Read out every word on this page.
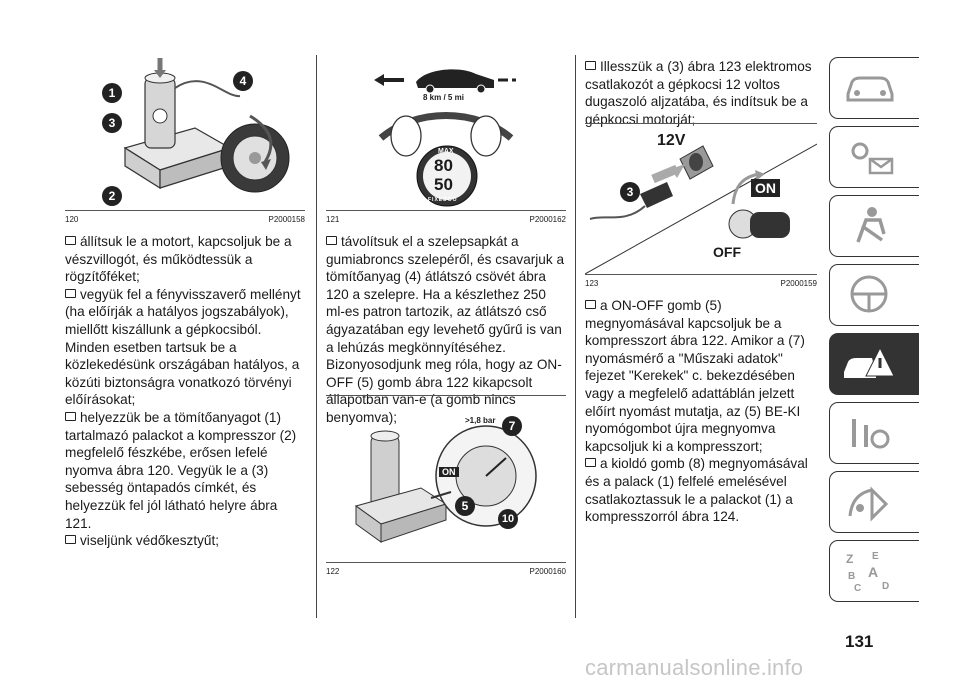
1
3
4
2
120	P2000158

állítsuk le a motort, kapcsoljuk be a vészvillogót, és működtessük a rögzítőféket;

vegyük fel a fényvisszaverő mellényt (ha előírják a hatályos jogszabályok), miellőtt kiszállunk a gépkocsiból.

Minden esetben tartsuk be a közlekedésünk országában hatályos, a közúti biztonságra vonatkozó törvényi előírásokat;

helyezzük be a tömítőanyagot (1) tartalmazó palackot a kompresszor (2) megfelelő fészkébe, erősen lefelé nyomva ábra 120. Vegyük le a (3) sebesség öntapadós címkét, és helyezzük fel jól látható helyre ábra 121.

viseljünk védőkesztyűt;

8 km / 5 mi
MAX
80
50
FIXEDOO
121	P2000162

távolítsuk el a szelepsapkát a gumiabroncs szelepéről, és csavarjuk a tömítőanyag (4) átlátszó csövét ábra 120 a szelepre. Ha a készlethez 250 ml-es patron tartozik, az átlátszó cső ágyazatában egy levehető gyűrű is van a lehúzás megkönnyítéséhez. Bizonyosodjunk meg róla, hogy az ON-OFF (5) gomb ábra 122 kikapcsolt állapotban van-e (a gomb nincs benyomva);	>1,8 bar
ON
7
5
10
122	P2000160

Illesszük a (3) ábra 123 elektromos csatlakozót a gépkocsi 12 voltos dugaszoló aljzatába, és indítsuk be a gépkocsi motorját;

12V
3	ON
OFF
123	P2000159

a ON-OFF gomb (5) megnyomásával kapcsoljuk be a kompresszort ábra 122. Amikor a (7) nyomásmérő a "Műszaki adatok" fejezet "Kerekek" c. bekezdésében vagy a megfelelő adattáblán jelzett előírt nyomást mutatja, az (5) BE-KI nyomógombot újra megnyomva kapcsoljuk ki a kompresszort;

a kioldó gomb (8) megnyomásával és a palack (1) felfelé emelésével csatlakoztassuk le a palackot (1) a kompresszorról ábra 124.

Z E
B A
C D
131
carmanualsonline.info
